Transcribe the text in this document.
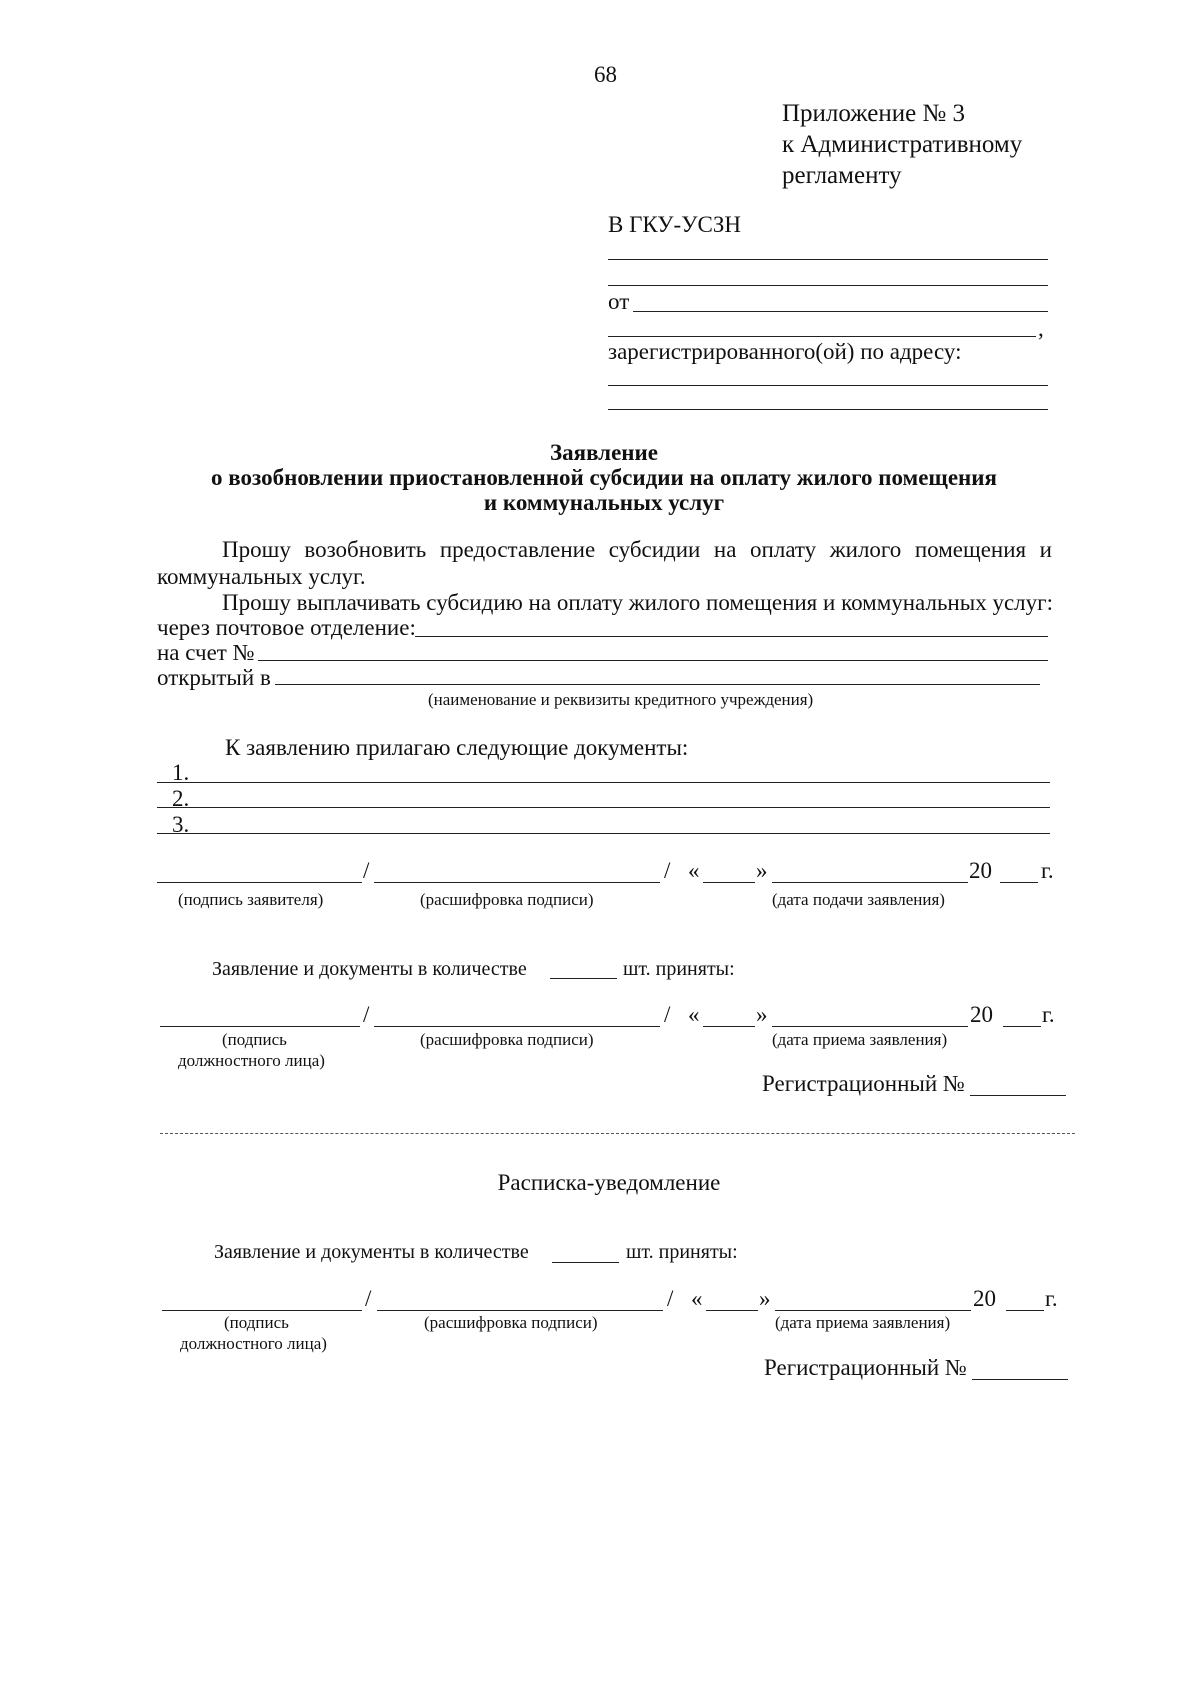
68
Приложение № 3
к Административному
регламенту
В ГКУ-УСЗН
от
,
зарегистрированного(ой) по адресу:
Заявление
о возобновлении приостановленной субсидии на оплату жилого помещения
и коммунальных услуг
Прошу возобновить предоставление субсидии на оплату жилого помещения и
коммунальных услуг.
Прошу выплачивать субсидию на оплату жилого помещения и коммунальных услуг:
через почтовое отделение:
на счет №
открытый в
(наименование и реквизиты кредитного учреждения)
К заявлению прилагаю следующие документы:
1.
2.
3.
/	/ « »	20 г.
(подпись заявителя)	(расшифровка подписи)	(дата подачи заявления)
Заявление и документы в количестве	шт. приняты:
/	/ « »	20 г.
(подпись
должностного лица)
(расшифровка подписи)	(дата приема заявления)
Регистрационный №
Расписка-уведомление
Заявление и документы в количестве	шт. приняты:
/	/ « »	20 г.
(подпись
должностного лица)
(расшифровка подписи)	(дата приема заявления)
Регистрационный №
